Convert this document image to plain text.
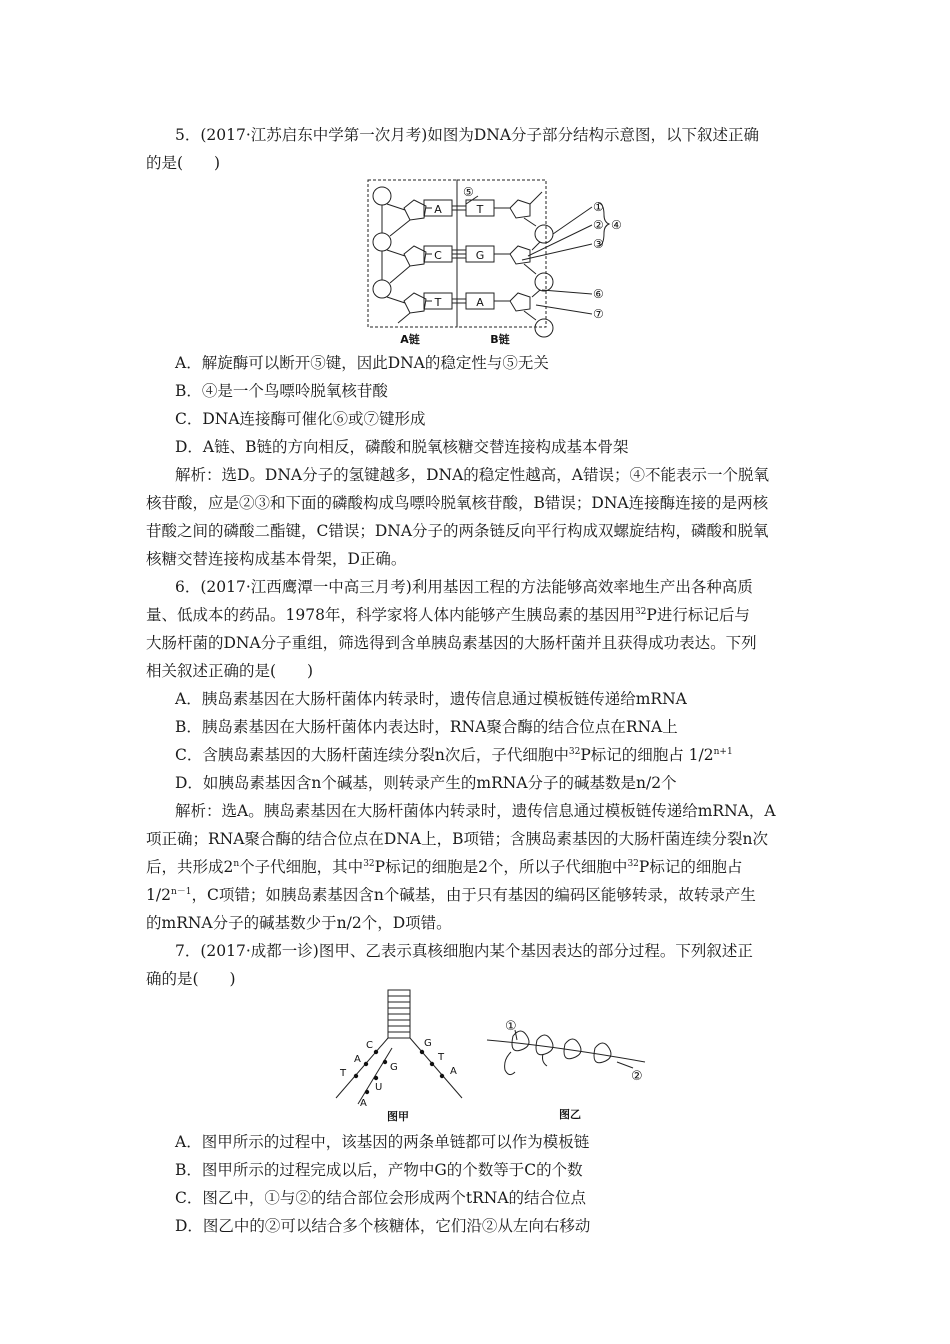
5．(2017·江苏启东中学第一次月考)如图为DNA分子部分结构示意图，以下叙述正确
的是(　　)
A
C
T
T
G
A
⑤
①
②
③
④
⑥
⑦
A链	B链
A．解旋酶可以断开⑤键，因此DNA的稳定性与⑤无关
B．④是一个鸟嘌呤脱氧核苷酸
C．DNA连接酶可催化⑥或⑦键形成
D．A链、B链的方向相反，磷酸和脱氧核糖交替连接构成基本骨架
解析：选D。DNA分子的氢键越多，DNA的稳定性越高，A错误；④不能表示一个脱氧
核苷酸，应是②③和下面的磷酸构成鸟嘌呤脱氧核苷酸，B错误；DNA连接酶连接的是两核
苷酸之间的磷酸二酯键，C错误；DNA分子的两条链反向平行构成双螺旋结构，磷酸和脱氧
核糖交替连接构成基本骨架，D正确。
6．(2017·江西鹰潭一中高三月考)利用基因工程的方法能够高效率地生产出各种高质
量、低成本的药品。1978年，科学家将人体内能够产生胰岛素的基因用$^{32}$P进行标记后与
大肠杆菌的DNA分子重组，筛选得到含单胰岛素基因的大肠杆菌并且获得成功表达。下列
相关叙述正确的是(　　)
A．胰岛素基因在大肠杆菌体内转录时，遗传信息通过模板链传递给mRNA
B．胰岛素基因在大肠杆菌体内表达时，RNA聚合酶的结合位点在RNA上
C．含胰岛素基因的大肠杆菌连续分裂n次后，子代细胞中$^{32}$P标记的细胞占 $1/2^{n+1}$
D．如胰岛素基因含n个碱基，则转录产生的mRNA分子的碱基数是n/2个
解析：选A。胰岛素基因在大肠杆菌体内转录时，遗传信息通过模板链传递给mRNA，A
项正确；RNA聚合酶的结合位点在DNA上，B项错；含胰岛素基因的大肠杆菌连续分裂n次
后，共形成2$^n$个子代细胞，其中$^{32}$P标记的细胞是2个，所以子代细胞中$^{32}$P标记的细胞占
$1/2^{n-1}$，C项错；如胰岛素基因含n个碱基，由于只有基因的编码区能够转录，故转录产生
的mRNA分子的碱基数少于n/2个，D项错。
7．(2017·成都一诊)图甲、乙表示真核细胞内某个基因表达的部分过程。下列叙述正
确的是(　　)
C
A
T
G
T
A
G
U
A
图甲
①
②
图乙
A．图甲所示的过程中，该基因的两条单链都可以作为模板链
B．图甲所示的过程完成以后，产物中G的个数等于C的个数
C．图乙中，①与②的结合部位会形成两个tRNA的结合位点
D．图乙中的②可以结合多个核糖体，它们沿②从左向右移动
